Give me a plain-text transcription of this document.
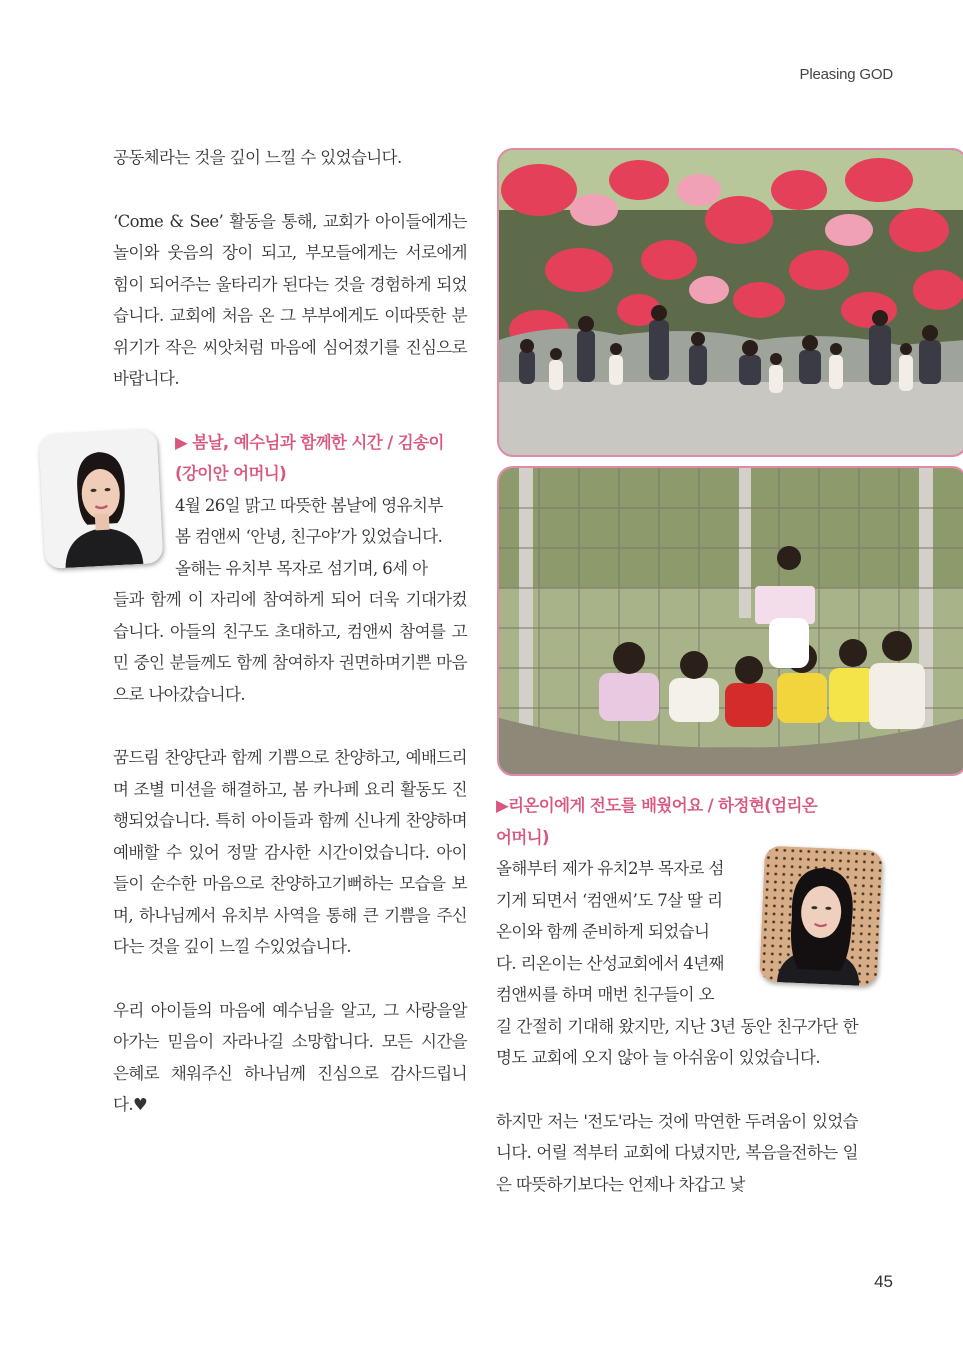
Pleasing GOD

공동체라는 것을 깊이 느낄 수 있었습니다.

‘Come & See’ 활동을 통해, 교회가 아이들에게는놀이와 웃음의 장이 되고, 부모들에게는 서로에게 힘이 되어주는 울타리가 된다는 것을 경험하게 되었습니다. 교회에 처음 온 그 부부에게도 이따뜻한 분위기가 작은 씨앗처럼 마음에 심어졌기를 진심으로 바랍니다.

▶ 봄날, 예수님과 함께한 시간 / 김송이
(강이안 어머니)
4월 26일 맑고 따뜻한 봄날에 영유치부
봄 컴앤씨 ‘안녕, 친구야’가 있었습니다.
올해는 유치부 목자로 섬기며, 6세 아

들과 함께 이 자리에 참여하게 되어 더욱 기대가컸습니다. 아들의 친구도 초대하고, 컴앤씨 참여를 고민 중인 분들께도 함께 참여하자 권면하며기쁜 마음으로 나아갔습니다.

꿈드림 찬양단과 함께 기쁨으로 찬양하고, 예배드리며 조별 미션을 해결하고, 봄 카나페 요리 활동도 진행되었습니다. 특히 아이들과 함께 신나게 찬양하며 예배할 수 있어 정말 감사한 시간이었습니다. 아이들이 순수한 마음으로 찬양하고기뻐하는 모습을 보며, 하나님께서 유치부 사역을 통해 큰 기쁨을 주신다는 것을 깊이 느낄 수있었습니다.

우리 아이들의 마음에 예수님을 알고, 그 사랑을알아가는 믿음이 자라나길 소망합니다. 모든 시간을 은혜로 채워주신 하나님께 진심으로 감사드립니다.♥

▶리온이에게 전도를 배웠어요 / 하정현(엄리온
어머니)
올해부터 제가 유치2부 목자로 섬
기게 되면서 ‘컴앤씨’도 7살 딸 리
온이와 함께 준비하게 되었습니
다. 리온이는 산성교회에서 4년째
컴앤씨를 하며 매번 친구들이 오

길 간절히 기대해 왔지만, 지난 3년 동안 친구가단 한 명도 교회에 오지 않아 늘 아쉬움이 있었습니다.

하지만 저는 '전도'라는 것에 막연한 두려움이 있었습니다. 어릴 적부터 교회에 다녔지만, 복음을전하는 일은 따뜻하기보다는 언제나 차갑고 낯

45
